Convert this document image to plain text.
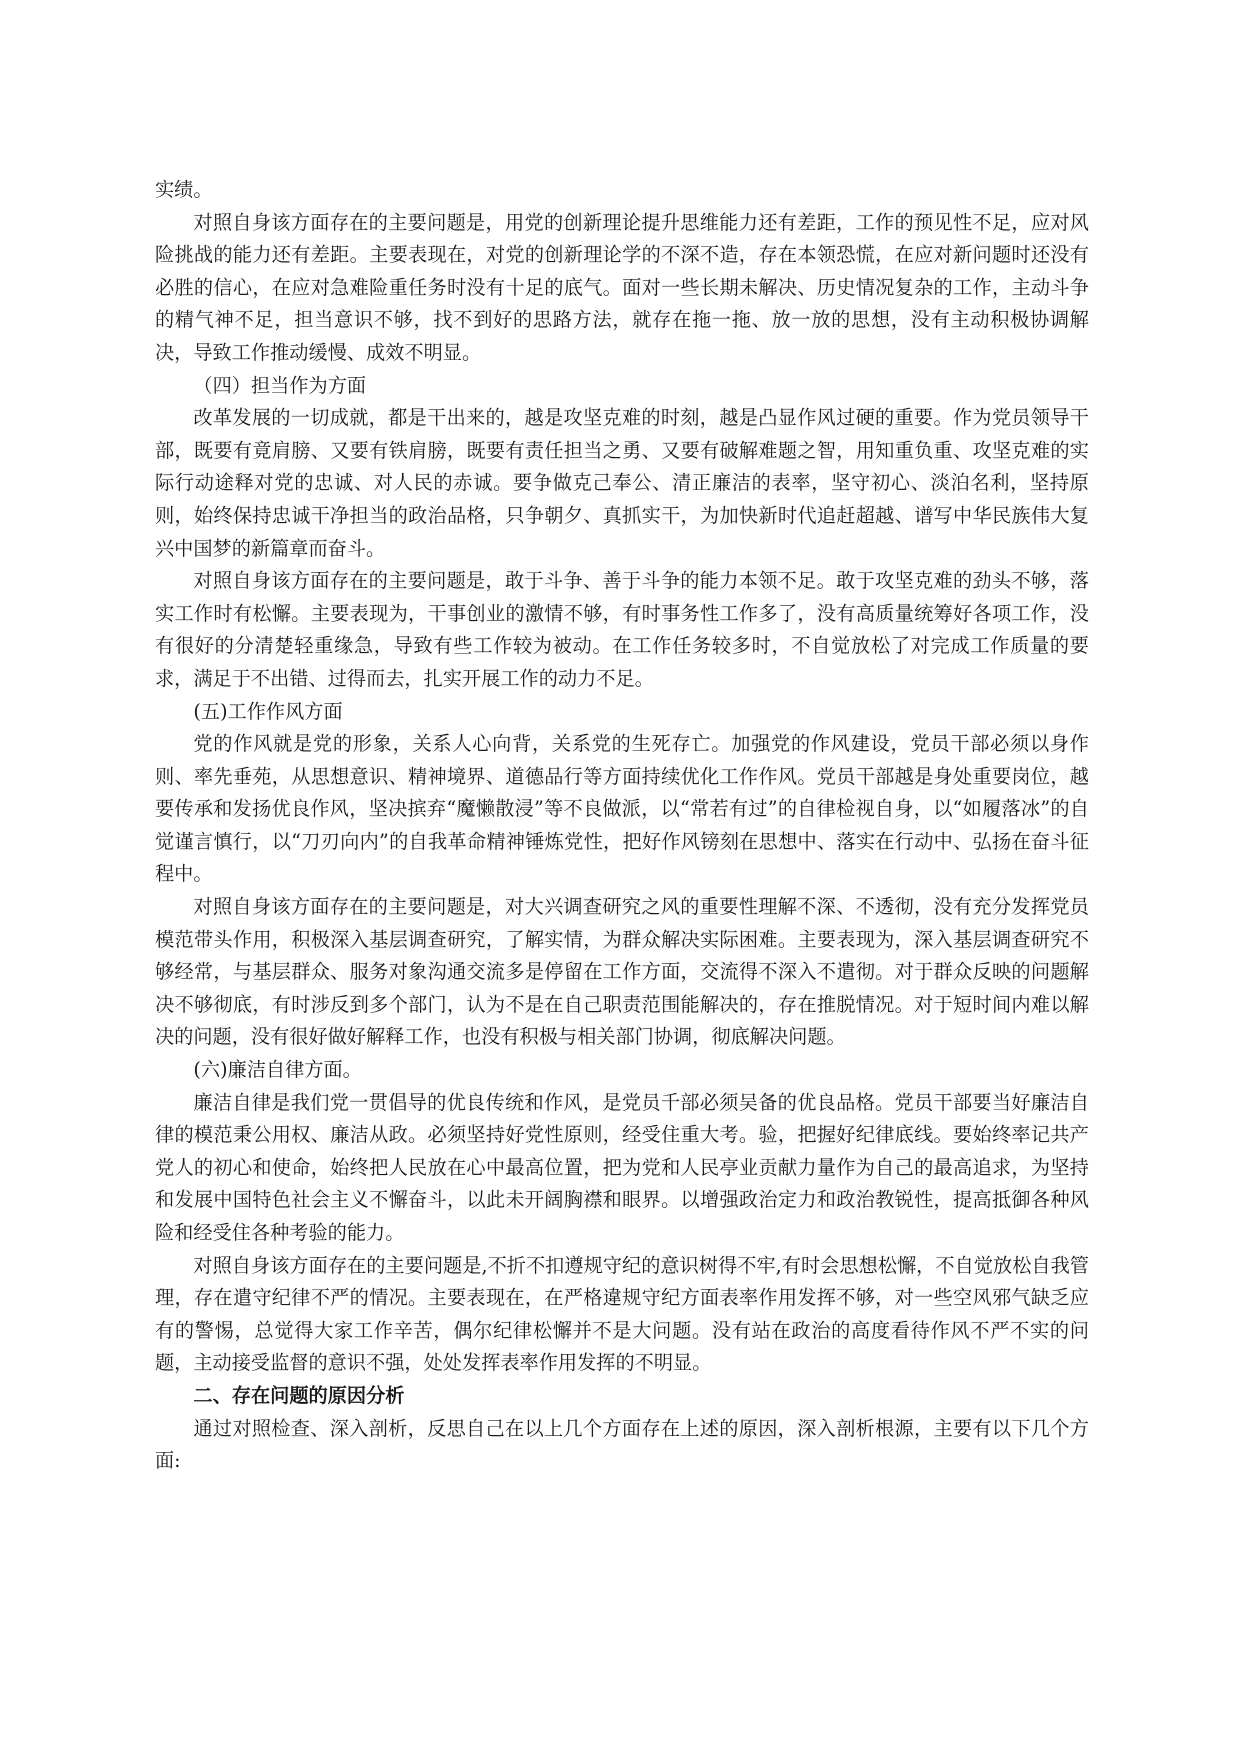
实绩。

对照自身该方面存在的主要问题是，用党的创新理论提升思维能力还有差距，工作的预见性不足，应对风险挑战的能力还有差距。主要表现在，对党的创新理论学的不深不造，存在本领恐慌，在应对新问题时还没有必胜的信心，在应对急难险重任务时没有十足的底气。面对一些长期未解决、历史情况复杂的工作，主动斗争的精气神不足，担当意识不够，找不到好的思路方法，就存在拖一拖、放一放的思想，没有主动积极协调解决，导致工作推动缓慢、成效不明显。

（四）担当作为方面

改革发展的一切成就，都是干出来的，越是攻坚克难的时刻，越是凸显作风过硬的重要。作为党员领导干部，既要有竟肩膀、又要有铁肩膀，既要有责任担当之勇、又要有破解难题之智，用知重负重、攻坚克难的实际行动途释对党的忠诚、对人民的赤诚。要争做克己奉公、清正廉洁的表率，坚守初心、淡泊名利，坚持原则，始终保持忠诚干净担当的政治品格，只争朝夕、真抓实干，为加快新时代追赶超越、谱写中华民族伟大复兴中国梦的新篇章而奋斗。

对照自身该方面存在的主要问题是，敢于斗争、善于斗争的能力本领不足。敢于攻坚克难的劲头不够，落实工作时有松懈。主要表现为，干事创业的激情不够，有时事务性工作多了，没有高质量统筹好各项工作，没有很好的分清楚轻重缘急，导致有些工作较为被动。在工作任务较多时，不自觉放松了对完成工作质量的要求，满足于不出错、过得而去，扎实开展工作的动力不足。

(五)工作作风方面

党的作风就是党的形象，关系人心向背，关系党的生死存亡。加强党的作风建设，党员干部必须以身作则、率先垂苑，从思想意识、精神境界、道德品行等方面持续优化工作作风。党员干部越是身处重要岗位，越要传承和发扬优良作风，坚决摈弃“魔懒散浸”等不良做派，以“常若有过”的自律检视自身，以“如履落冰”的自觉谨言慎行，以“刀刃向内”的自我革命精神锤炼党性，把好作风镑刻在思想中、落实在行动中、弘扬在奋斗征程中。

对照自身该方面存在的主要问题是，对大兴调查研究之风的重要性理解不深、不透彻，没有充分发挥党员模范带头作用，积极深入基层调查研究，了解实情，为群众解决实际困难。主要表现为，深入基层调查研究不够经常，与基层群众、服务对象沟通交流多是停留在工作方面，交流得不深入不遣彻。对于群众反映的问题解决不够彻底，有时涉反到多个部门，认为不是在自己职责范围能解决的，存在推脱情况。对于短时间内难以解决的问题，没有很好做好解释工作，也没有积极与相关部门协调，彻底解决问题。

(六)廉洁自律方面。

廉洁自律是我们党一贯倡导的优良传统和作风，是党员千部必须吴备的优良品格。党员干部要当好廉洁自律的模范秉公用权、廉洁从政。必须坚持好党性原则，经受住重大考。验，把握好纪律底线。要始终率记共产党人的初心和使命，始终把人民放在心中最高位置，把为党和人民亭业贡献力量作为自己的最高追求，为坚持和发展中国特色社会主义不懈奋斗，以此未开阔胸襟和眼界。以增强政治定力和政治教锐性，提高抵御各种风险和经受住各种考验的能力。

对照自身该方面存在的主要问题是,不折不扣遵规守纪的意识树得不牢,有时会思想松懈，不自觉放松自我管理，存在遣守纪律不严的情况。主要表现在，在严格違规守纪方面表率作用发挥不够，对一些空风邪气缺乏应有的警惕，总觉得大家工作辛苦，偶尔纪律松懈并不是大问题。没有站在政治的高度看待作风不严不实的问题，主动接受监督的意识不强，处处发挥表率作用发挥的不明显。

二、存在问题的原因分析

通过对照检查、深入剖析，反思自己在以上几个方面存在上述的原因，深入剖析根源，主要有以下几个方面:
